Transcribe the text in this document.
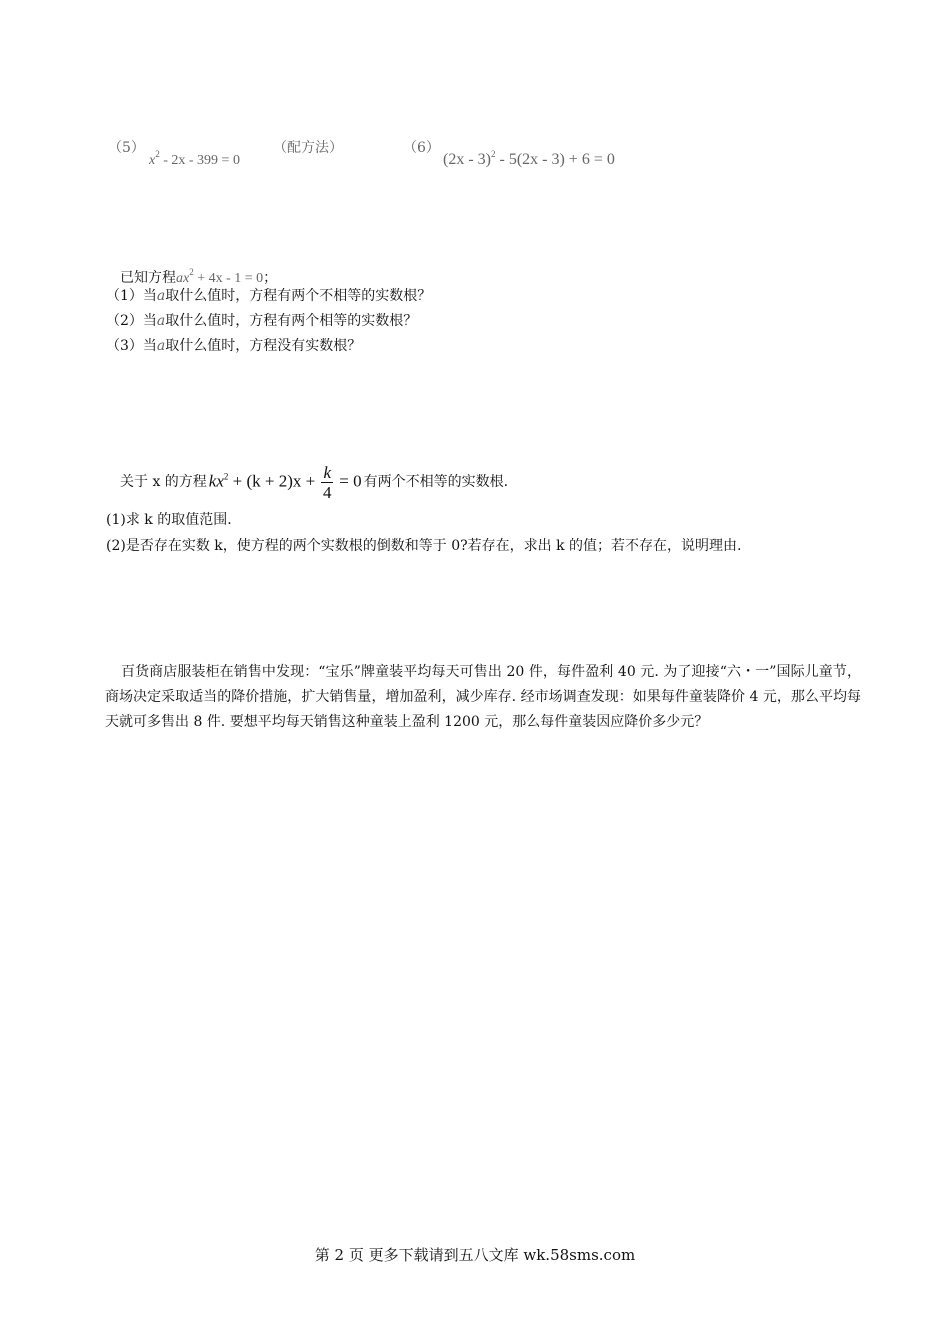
（5）
$x^2 - 2x - 399 = 0$
（配方法）	（6）
(2x - 3)$^2$ - 5(2x - 3) + 6 = 0
已知方程$ax^2 + 4x - 1 = 0$；
（1）当a取什么值时，方程有两个不相等的实数根？
（2）当a取什么值时，方程有两个相等的实数根？
（3）当a取什么值时，方程没有实数根？
关于 x 的方程 $kx^2 + (k + 2)x + \frac{k}{4} = 0$ 有两个不相等的实数根.
(1)求 k 的取值范围.
(2)是否存在实数 k，使方程的两个实数根的倒数和等于 0?若存在，求出 k 的值；若不存在，说明理由.
百货商店服装柜在销售中发现：“宝乐”牌童装平均每天可售出 20 件，每件盈利 40 元. 为了迎接“六・一”国际儿童节，商场决定采取适当的降价措施，扩大销售量，增加盈利，减少库存. 经市场调查发现：如果每件童装降价 4 元，那么平均每天就可多售出 8 件. 要想平均每天销售这种童装上盈利 1200 元，那么每件童装因应降价多少元？
第 2 页 更多下载请到五八文库 wk.58sms.com
